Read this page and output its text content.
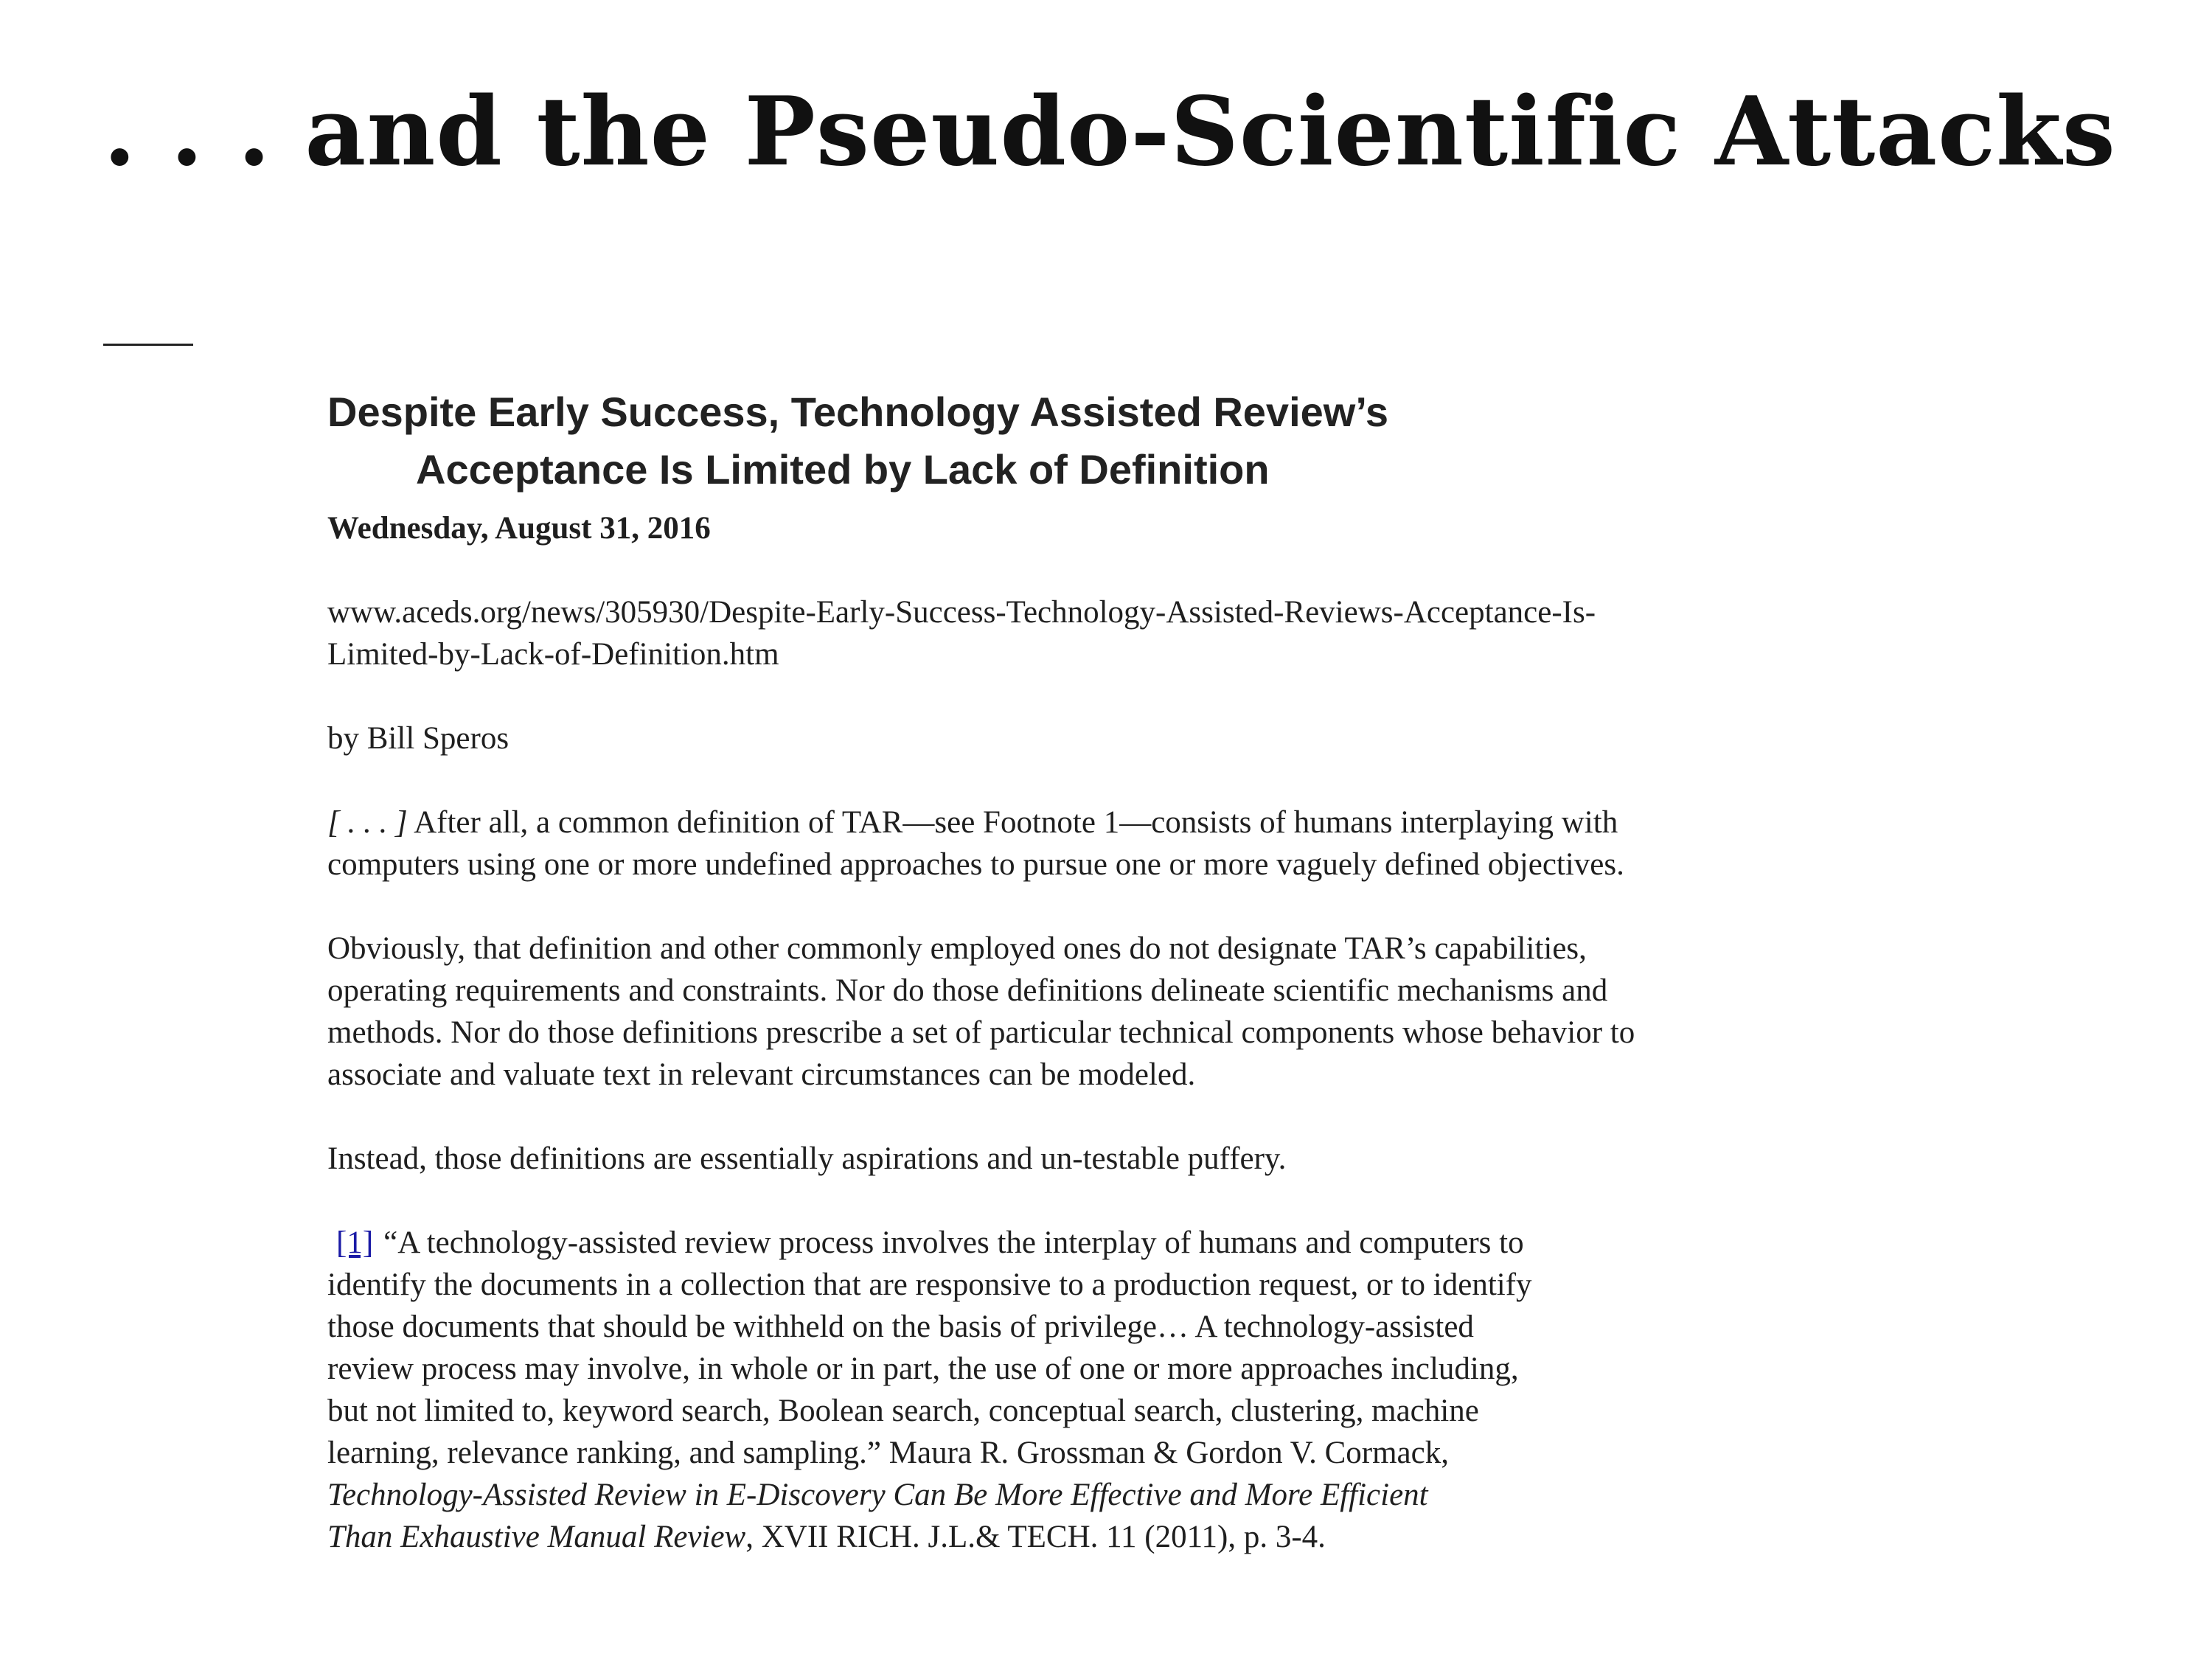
. . . and the Pseudo-Scientific Attacks
Despite Early Success, Technology Assisted Review’s
Acceptance Is Limited by Lack of Definition

Wednesday, August 31, 2016

www.aceds.org/news/305930/Despite-Early-Success-Technology-Assisted-Reviews-Acceptance-Is-
Limited-by-Lack-of-Definition.htm

by Bill Speros

[ . . . ] After all, a common definition of TAR—see Footnote 1—consists of humans interplaying with
computers using one or more undefined approaches to pursue one or more vaguely defined objectives.

Obviously, that definition and other commonly employed ones do not designate TAR’s capabilities,
operating requirements and constraints. Nor do those definitions delineate scientific mechanisms and
methods. Nor do those definitions prescribe a set of particular technical components whose behavior to
associate and valuate text in relevant circumstances can be modeled.

Instead, those definitions are essentially aspirations and un-testable puffery.

[1] “A technology-assisted review process involves the interplay of humans and computers to
identify the documents in a collection that are responsive to a production request, or to identify
those documents that should be withheld on the basis of privilege… A technology-assisted
review process may involve, in whole or in part, the use of one or more approaches including,
but not limited to, keyword search, Boolean search, conceptual search, clustering, machine
learning, relevance ranking, and sampling.” Maura R. Grossman & Gordon V. Cormack,
Technology-Assisted Review in E-Discovery Can Be More Effective and More Efficient
Than Exhaustive Manual Review, XVII RICH. J.L.& TECH. 11 (2011), p. 3-4.
